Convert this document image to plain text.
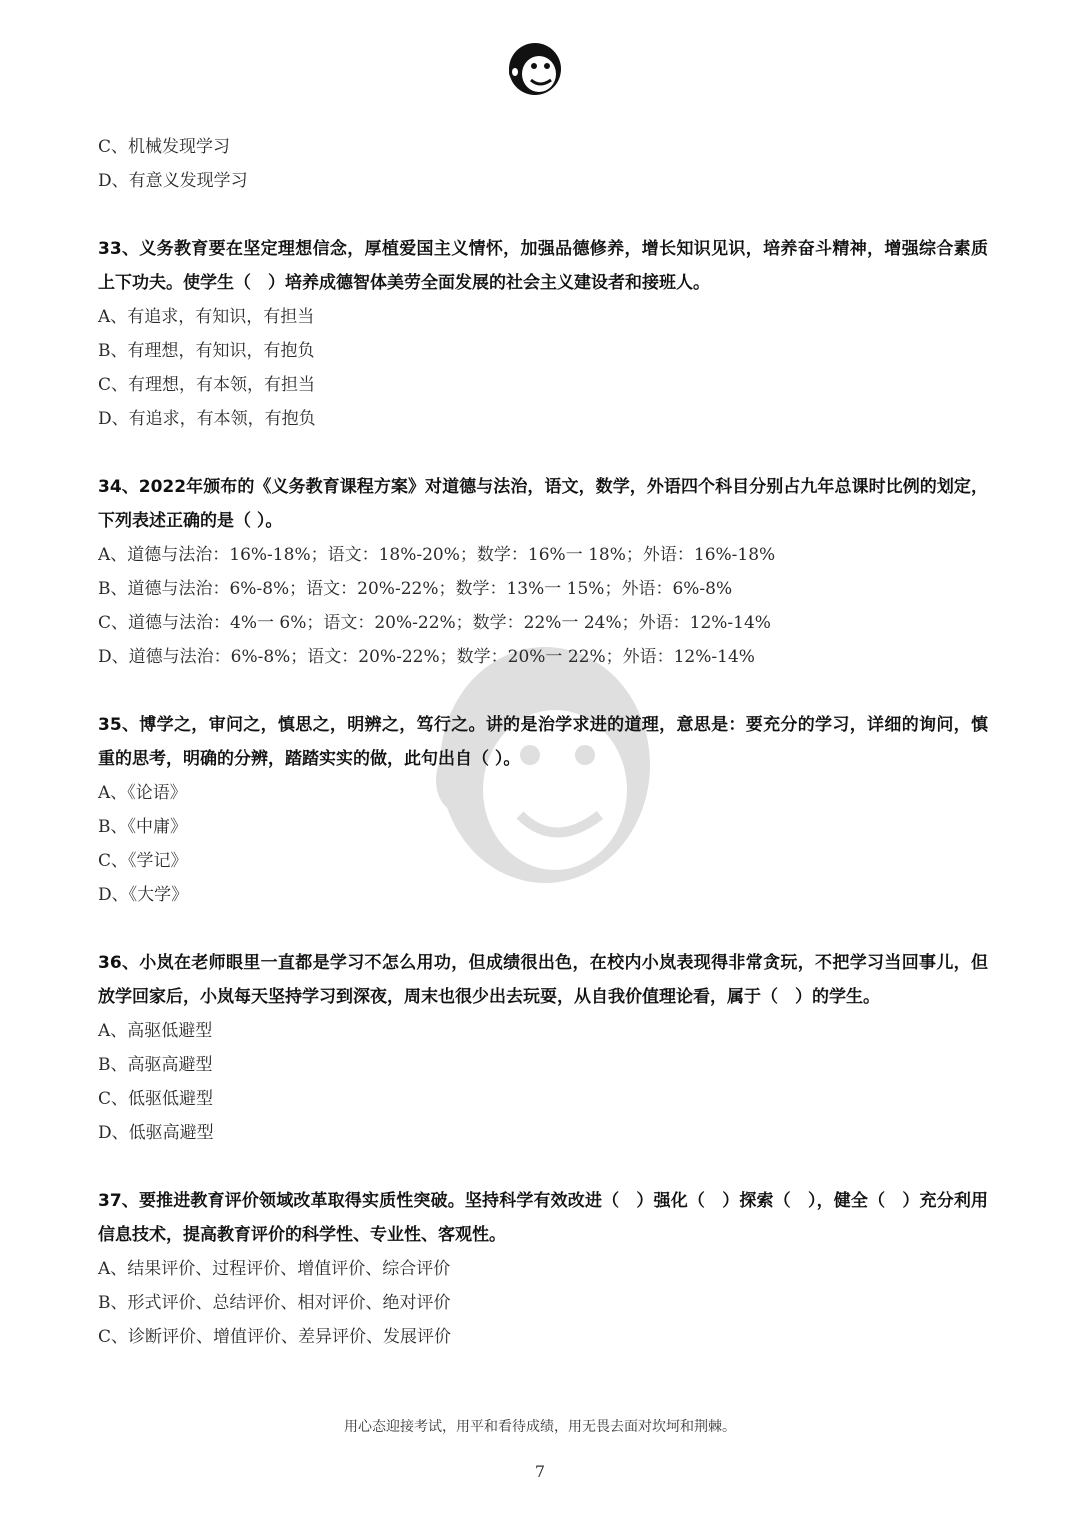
C、机械发现学习
D、有意义发现学习
33、义务教育要在坚定理想信念，厚植爱国主义情怀，加强品德修养，增长知识见识，培养奋斗精神，增强综合素质上下功夫。使学生（　）培养成德智体美劳全面发展的社会主义建设者和接班人。
A、有追求，有知识，有担当
B、有理想，有知识，有抱负
C、有理想，有本领，有担当
D、有追求，有本领，有抱负
34、2022年颁布的《义务教育课程方案》对道德与法治，语文，数学，外语四个科目分别占九年总课时比例的划定，下列表述正确的是（ ）。
A、道德与法治：16%-18%；语文：18%-20%；数学：16%一 18%；外语：16%-18%
B、道德与法治：6%-8%；语文：20%-22%；数学：13%一 15%；外语：6%-8%
C、道德与法治：4%一 6%；语文：20%-22%；数学：22%一 24%；外语：12%-14%
D、道德与法治：6%-8%；语文：20%-22%；数学：20%一 22%；外语：12%-14%
35、博学之，审问之，慎思之，明辨之，笃行之。讲的是治学求进的道理，意思是：要充分的学习，详细的询问，慎重的思考，明确的分辨，踏踏实实的做，此句出自（ ）。
A、《论语》
B、《中庸》
C、《学记》
D、《大学》
36、小岚在老师眼里一直都是学习不怎么用功，但成绩很出色，在校内小岚表现得非常贪玩，不把学习当回事儿，但放学回家后，小岚每天坚持学习到深夜，周末也很少出去玩耍，从自我价值理论看，属于（　）的学生。
A、高驱低避型
B、高驱高避型
C、低驱低避型
D、低驱高避型
37、要推进教育评价领域改革取得实质性突破。坚持科学有效改进（　）强化（　）探索（　），健全（　）充分利用信息技术，提高教育评价的科学性、专业性、客观性。
A、结果评价、过程评价、增值评价、综合评价
B、形式评价、总结评价、相对评价、绝对评价
C、诊断评价、增值评价、差异评价、发展评价
用心态迎接考试，用平和看待成绩，用无畏去面对坎坷和荆棘。
7
